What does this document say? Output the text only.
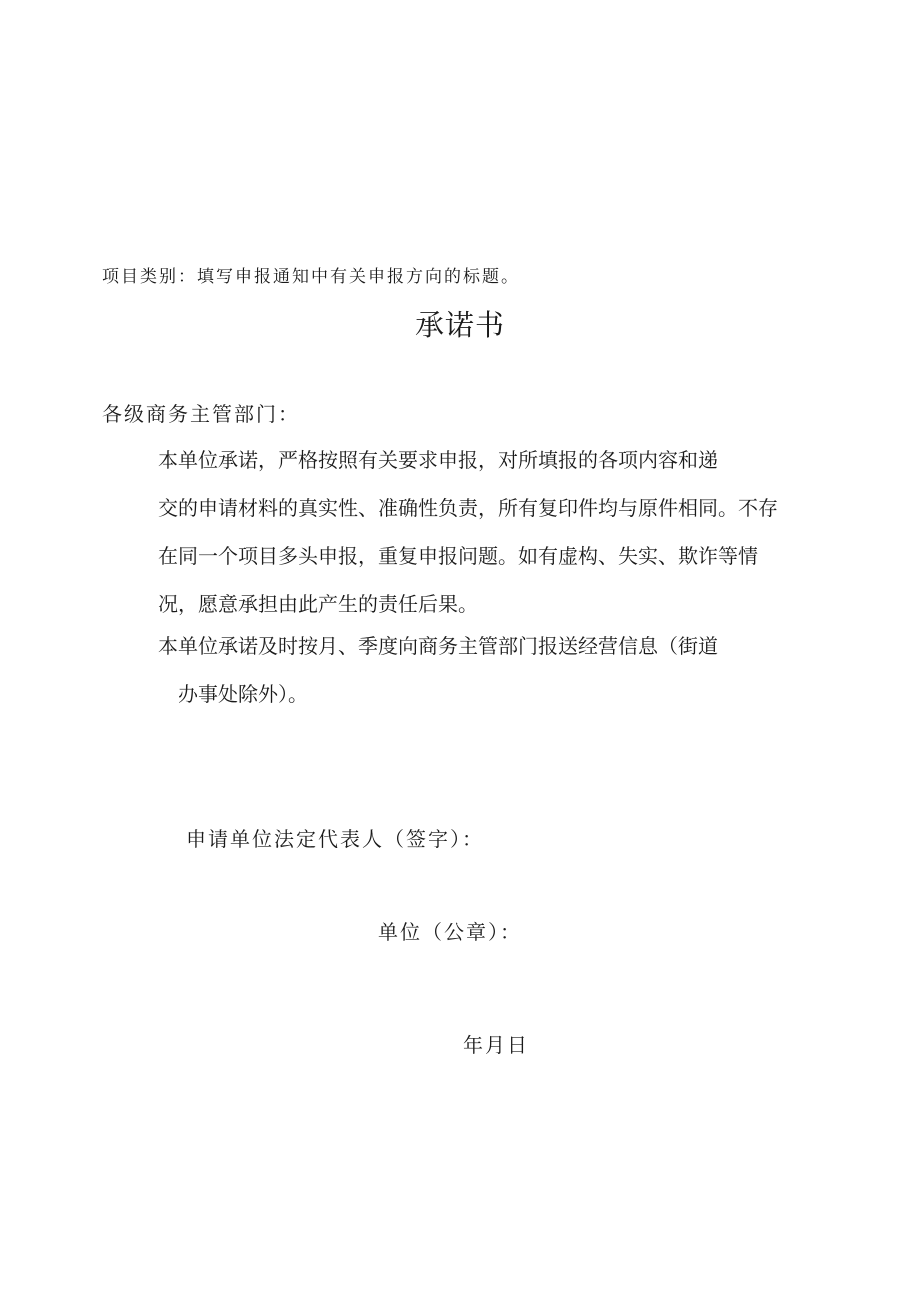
项目类别：填写申报通知中有关申报方向的标题。
承诺书
各级商务主管部门：
本单位承诺，严格按照有关要求申报，对所填报的各项内容和递
交的申请材料的真实性、准确性负责，所有复印件均与原件相同。不存
在同一个项目多头申报，重复申报问题。如有虚构、失实、欺诈等情
况，愿意承担由此产生的责任后果。
本单位承诺及时按月、季度向商务主管部门报送经营信息（街道
办事处除外）。
申请单位法定代表人（签字）：
单位（公章）：
年月日
